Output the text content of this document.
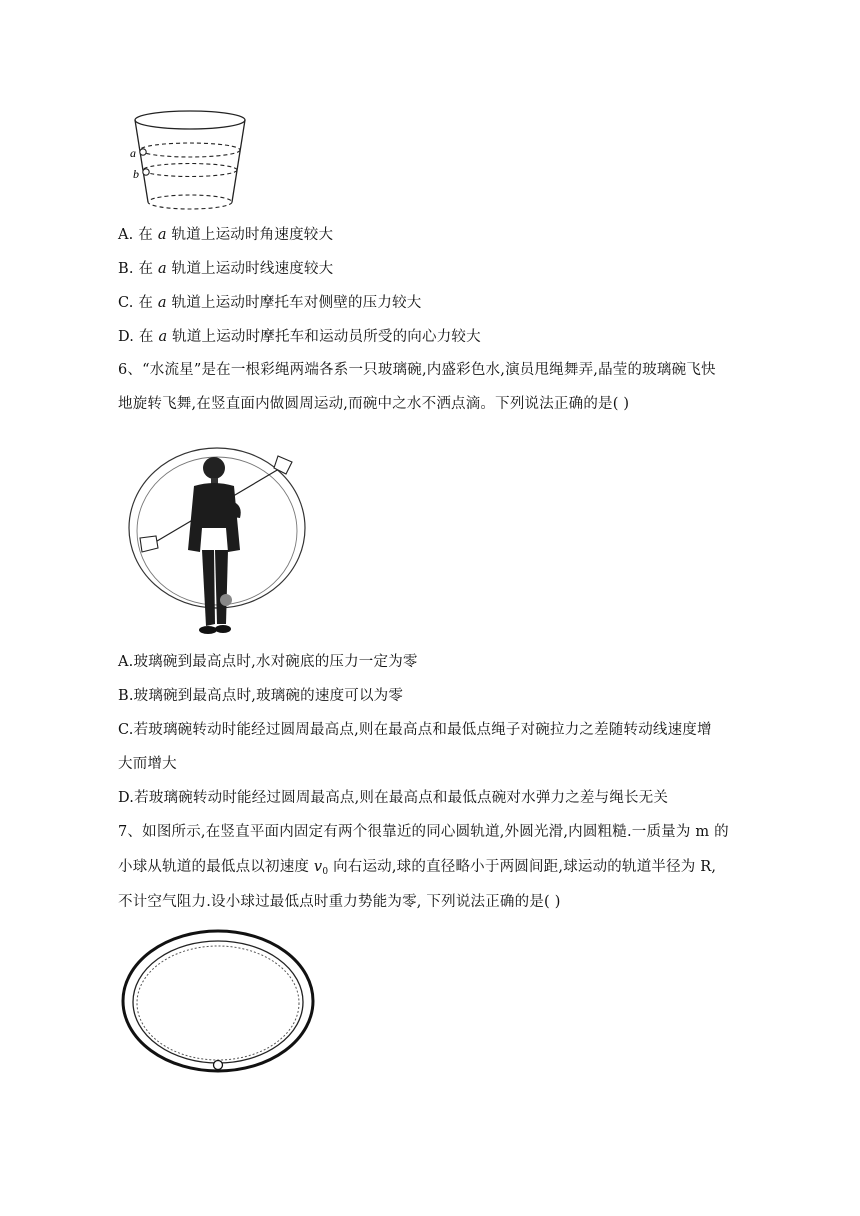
a
b
A. 在 a 轨道上运动时角速度较大
B. 在 a 轨道上运动时线速度较大
C. 在 a 轨道上运动时摩托车对侧壁的压力较大
D. 在 a 轨道上运动时摩托车和运动员所受的向心力较大
6、“水流星”是在一根彩绳两端各系一只玻璃碗,内盛彩色水,演员甩绳舞弄,晶莹的玻璃碗飞快
地旋转飞舞,在竖直面内做圆周运动,而碗中之水不洒点滴。下列说法正确的是( )
A.玻璃碗到最高点时,水对碗底的压力一定为零
B.玻璃碗到最高点时,玻璃碗的速度可以为零
C.若玻璃碗转动时能经过圆周最高点,则在最高点和最低点绳子对碗拉力之差随转动线速度增
大而增大
D.若玻璃碗转动时能经过圆周最高点,则在最高点和最低点碗对水弹力之差与绳长无关
7、如图所示,在竖直平面内固定有两个很靠近的同心圆轨道,外圆光滑,内圆粗糙.一质量为 m 的
小球从轨道的最低点以初速度 $v_0$ 向右运动,球的直径略小于两圆间距,球运动的轨道半径为 R,
不计空气阻力.设小球过最低点时重力势能为零, 下列说法正确的是( )
